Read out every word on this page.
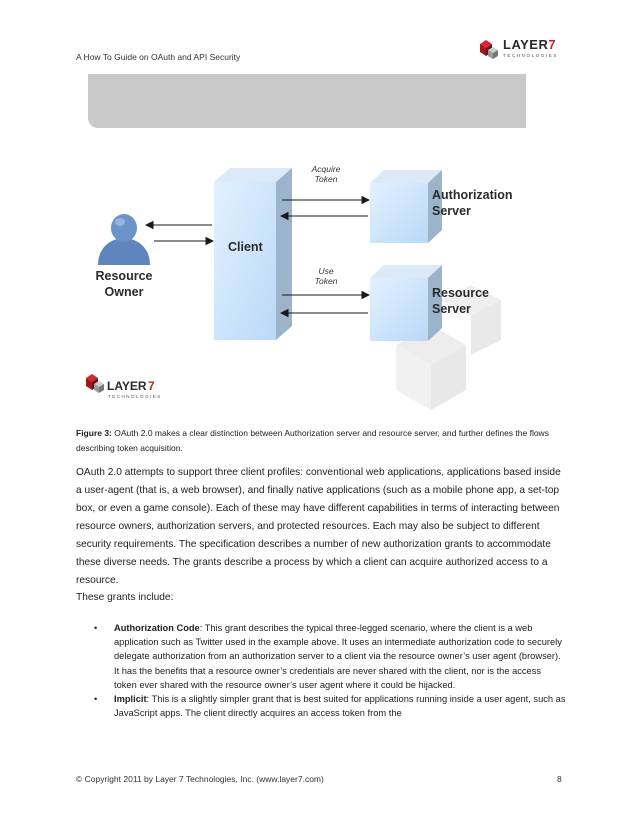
A How To Guide on OAuth and API Security
LAYER7
TECHNOLOGIES
Client
Authorization
Server
Resource
Server
Resource
Owner
Acquire
Token
Use
Token
LAYER 7
TECHNOLOGIES
Figure 3: OAuth 2.0 makes a clear distinction between Authorization server and resource server, and further defines the flows describing token acquisition.
OAuth 2.0 attempts to support three client profiles: conventional web applications, applications based inside a user-agent (that is, a web browser), and finally native applications (such as a mobile phone app, a set-top box, or even a game console). Each of these may have different capabilities in terms of interacting between resource owners, authorization servers, and protected resources. Each may also be subject to different security requirements. The specification describes a number of new authorization grants to accommodate these diverse needs. The grants describe a process by which a client can acquire authorized access to a resource.
These grants include:
• Authorization Code: This grant describes the typical three-legged scenario, where the client is a web application such as Twitter used in the example above. It uses an intermediate authorization code to securely delegate authorization from an authorization server to a client via the resource owner’s user agent (browser). It has the benefits that a resource owner’s credentials are never shared with the client, nor is the access token ever shared with the resource owner’s user agent where it could be hijacked.
• Implicit: This is a slightly simpler grant that is best suited for applications running inside a user agent, such as JavaScript apps. The client directly acquires an access token from the
© Copyright 2011 by Layer 7 Technologies, Inc. (www.layer7.com)	8
